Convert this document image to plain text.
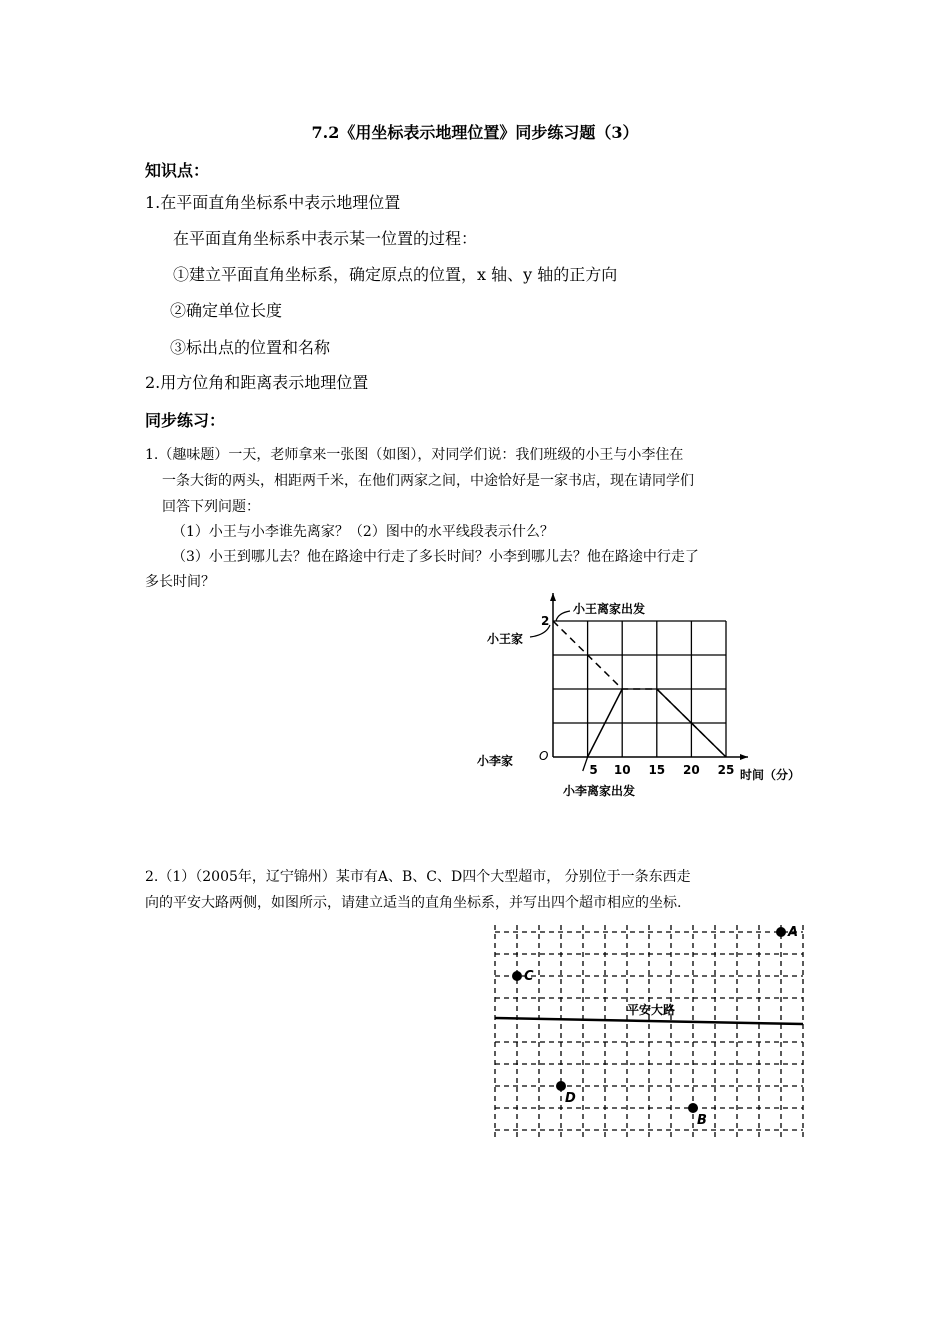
7.2《用坐标表示地理位置》同步练习题（3）
知识点：
1.在平面直角坐标系中表示地理位置
在平面直角坐标系中表示某一位置的过程：
①建立平面直角坐标系，确定原点的位置，x 轴、y 轴的正方向
②确定单位长度
③标出点的位置和名称
2.用方位角和距离表示地理位置
同步练习：
1.（趣味题）一天，老师拿来一张图（如图），对同学们说：我们班级的小王与小李住在
一条大街的两头，相距两千米，在他们两家之间，中途恰好是一家书店，现在请同学们
回答下列问题：
（1）小王与小李谁先离家？（2）图中的水平线段表示什么？
（3）小王到哪儿去？他在路途中行走了多长时间？小李到哪儿去？他在路途中行走了
多长时间？
5 10 15 20 25
O
2
时间（分）
小王家
小李家
小王离家出发
小李离家出发
平安大路
A
B
C
D
2.（1）（2005年，辽宁锦州）某市有A、B、C、D四个大型超市， 分别位于一条东西走
向的平安大路两侧，如图所示，请建立适当的直角坐标系，并写出四个超市相应的坐标.
